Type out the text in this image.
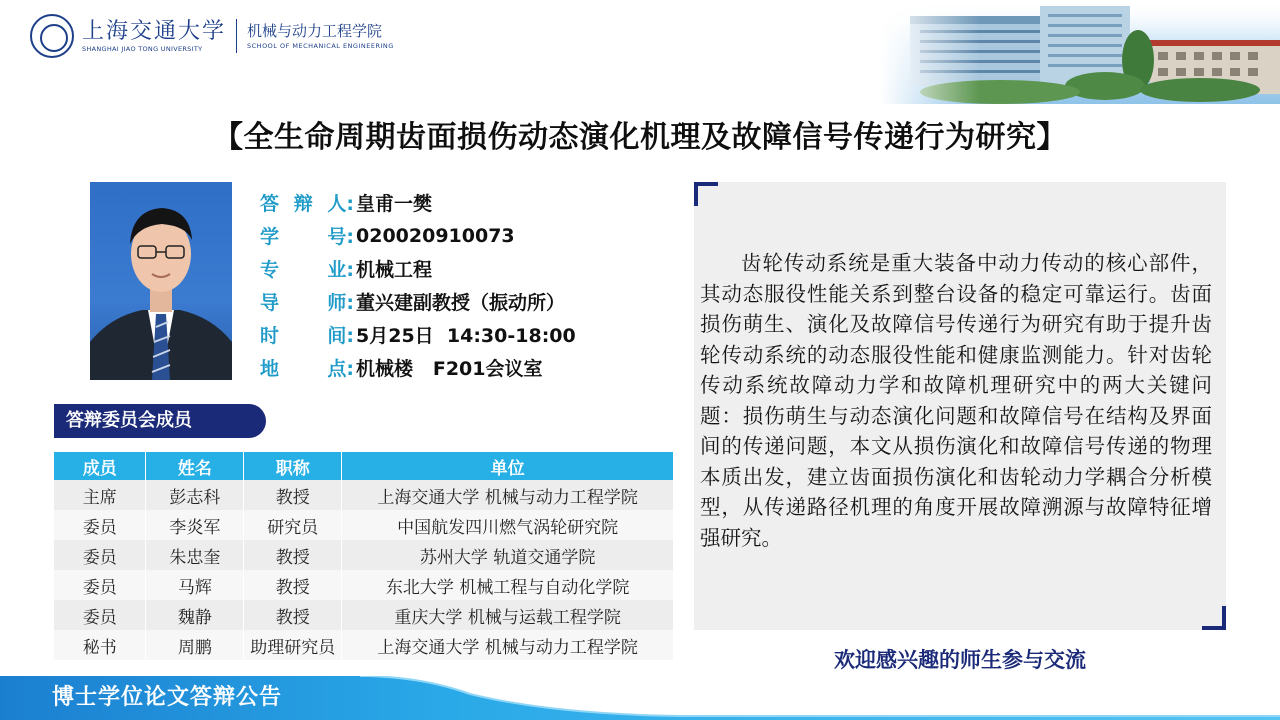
上海交通大学
SHANGHAI JIAO TONG UNIVERSITY
机械与动力工程学院
SCHOOL OF MECHANICAL ENGINEERING
【全生命周期齿面损伤动态演化机理及故障信号传递行为研究】
答 辩 人: 皇甫一樊
学	号: 020020910073
专	业: 机械工程
导	师: 董兴建副教授（振动所）
时	间: 5月25日  14:30-18:00
地	点: 机械楼   F201会议室
答辩委员会成员
成员	姓名	职称	单位
主席	彭志科	教授	上海交通大学 机械与动力工程学院
委员	李炎军	研究员	中国航发四川燃气涡轮研究院
委员	朱忠奎	教授	苏州大学 轨道交通学院
委员	马辉	教授	东北大学 机械工程与自动化学院
委员	魏静	教授	重庆大学 机械与运载工程学院
秘书	周鹏	助理研究员	上海交通大学 机械与动力工程学院

齿轮传动系统是重大装备中动力传动的核心部件，其动态服役性能关系到整台设备的稳定可靠运行。齿面损伤萌生、演化及故障信号传递行为研究有助于提升齿轮传动系统的动态服役性能和健康监测能力。针对齿轮传动系统故障动力学和故障机理研究中的两大关键问题：损伤萌生与动态演化问题和故障信号在结构及界面间的传递问题，本文从损伤演化和故障信号传递的物理本质出发，建立齿面损伤演化和齿轮动力学耦合分析模型，从传递路径机理的角度开展故障溯源与故障特征增强研究。

欢迎感兴趣的师生参与交流
博士学位论文答辩公告
